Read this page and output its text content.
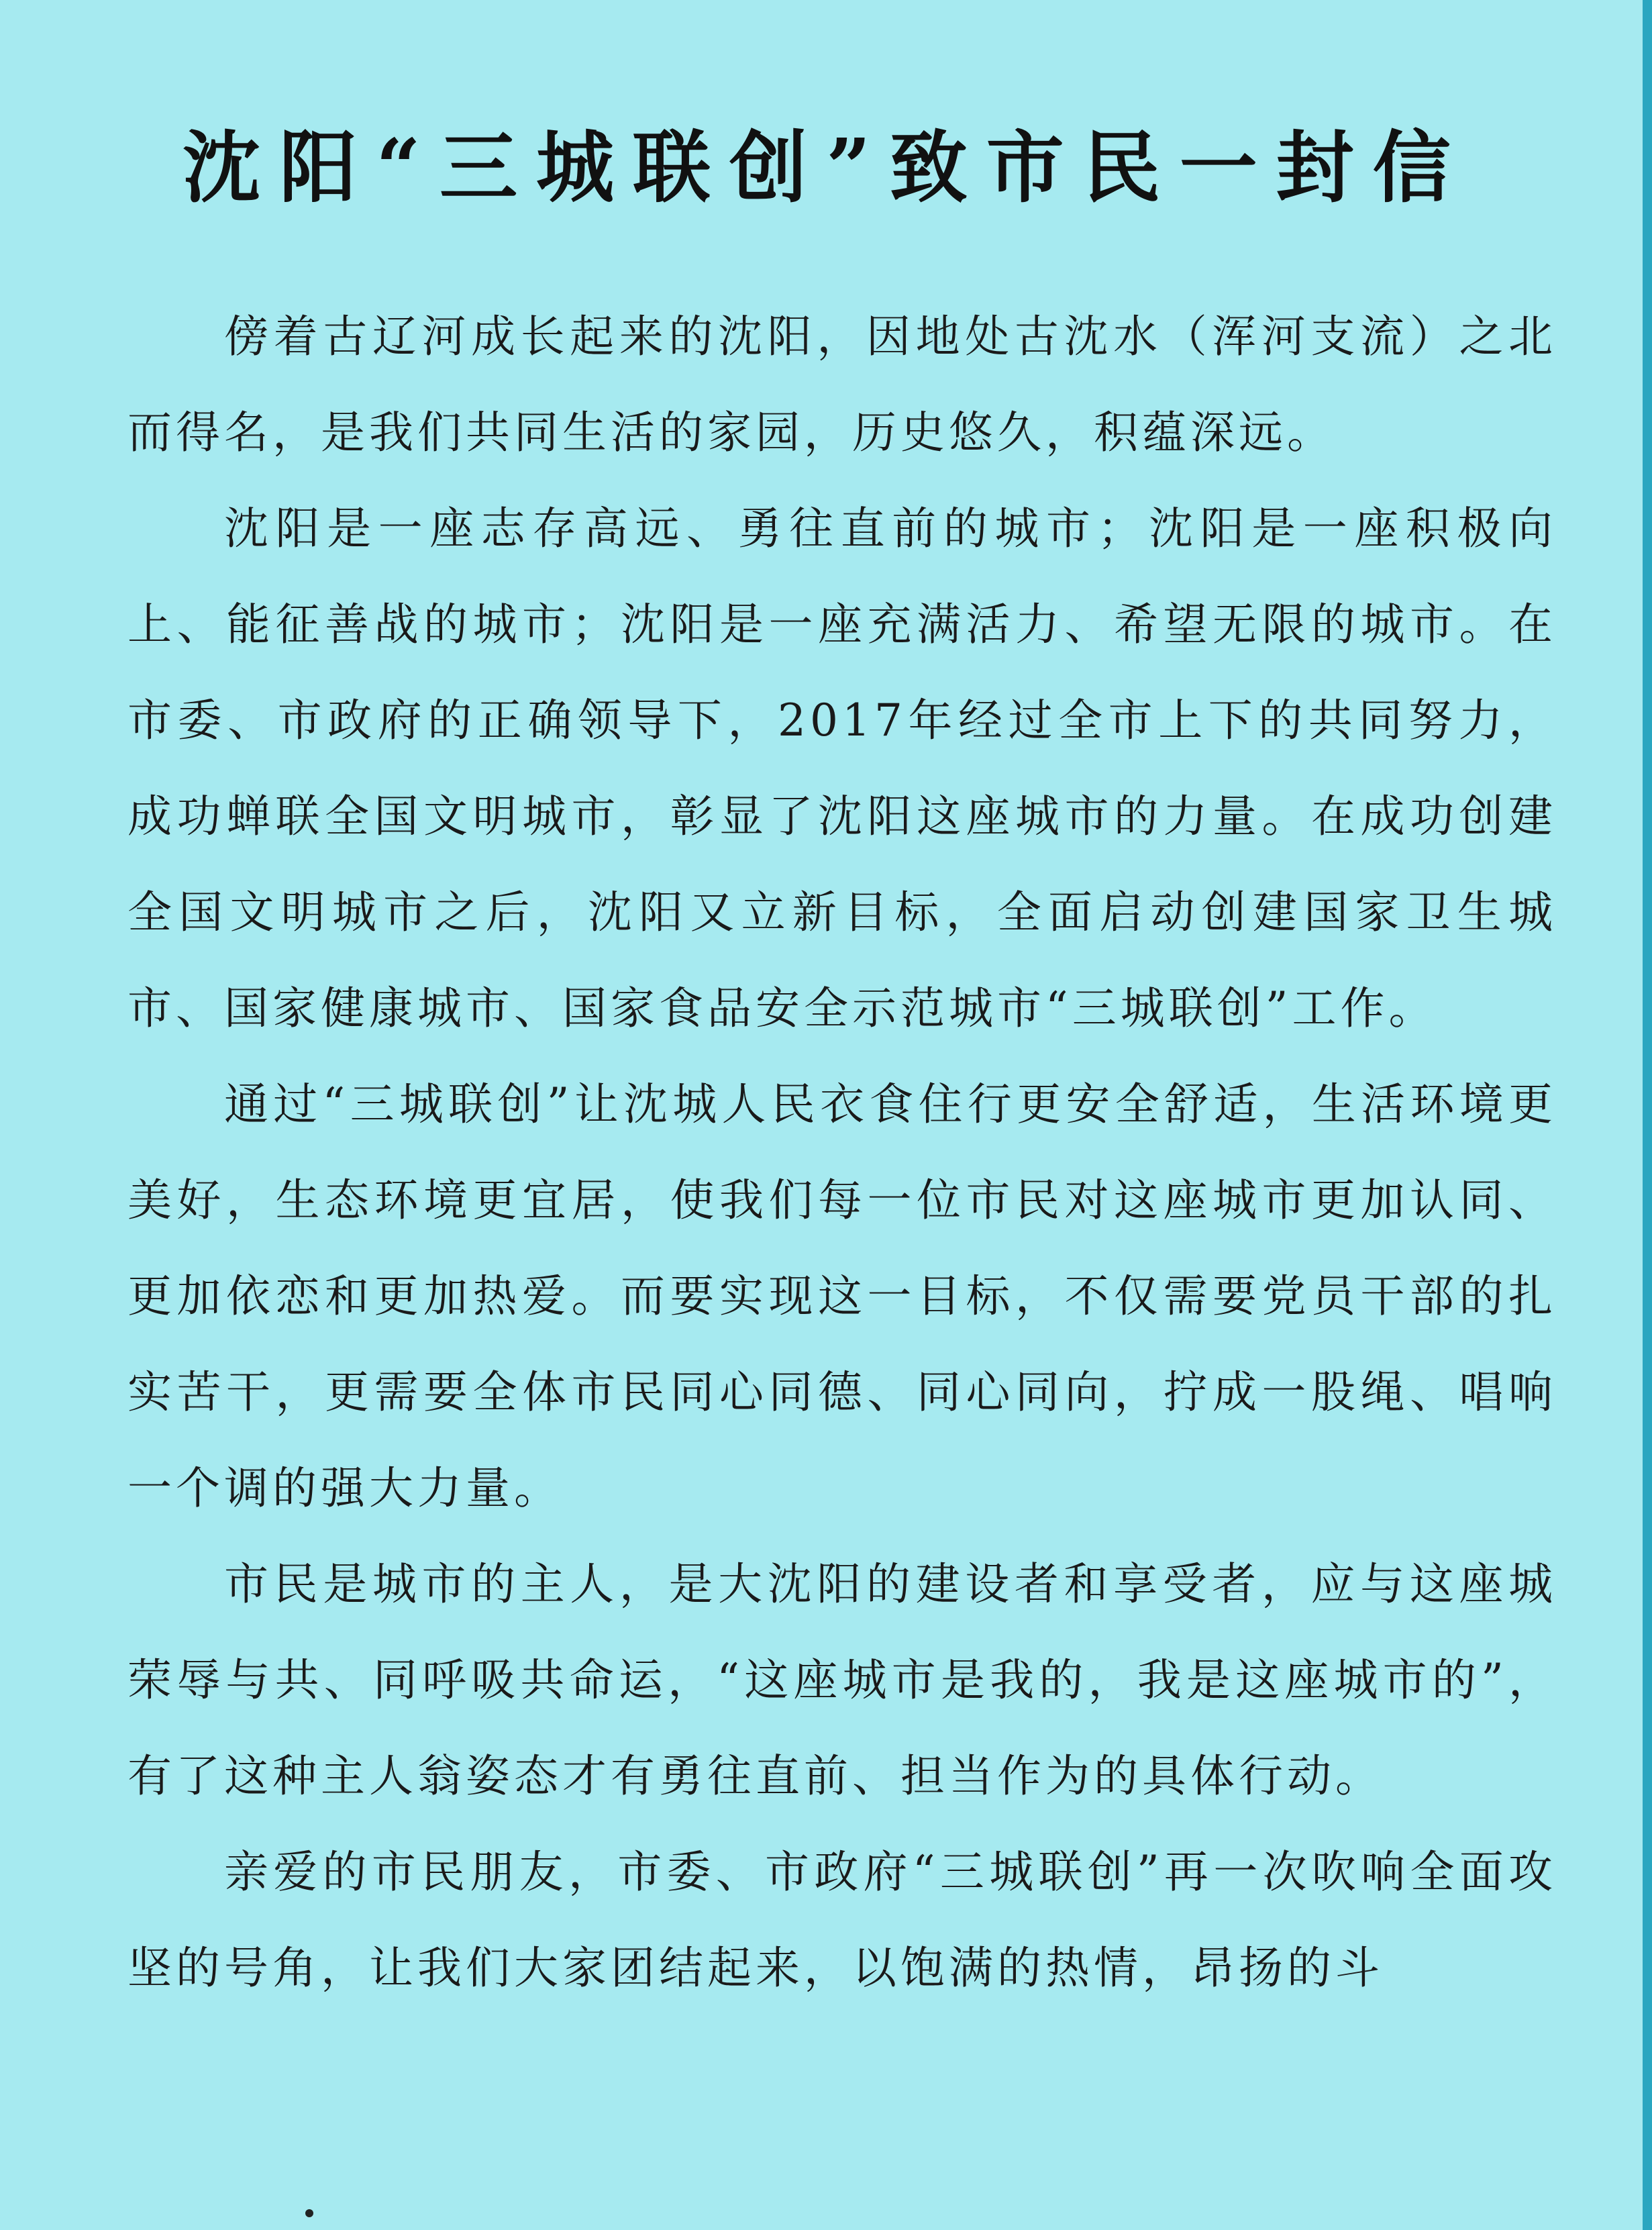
沈阳“三城联创”致市民一封信

傍着古辽河成长起来的沈阳，因地处古沈水（浑河支流）之北而得名，是我们共同生活的家园，历史悠久，积蕴深远。

沈阳是一座志存高远、勇往直前的城市；沈阳是一座积极向上、能征善战的城市；沈阳是一座充满活力、希望无限的城市。在市委、市政府的正确领导下，2017年经过全市上下的共同努力，成功蝉联全国文明城市，彰显了沈阳这座城市的力量。在成功创建全国文明城市之后，沈阳又立新目标，全面启动创建国家卫生城市、国家健康城市、国家食品安全示范城市“三城联创”工作。

通过“三城联创”让沈城人民衣食住行更安全舒适，生活环境更美好，生态环境更宜居，使我们每一位市民对这座城市更加认同、更加依恋和更加热爱。而要实现这一目标，不仅需要党员干部的扎实苦干，更需要全体市民同心同德、同心同向，拧成一股绳、唱响一个调的强大力量。

市民是城市的主人，是大沈阳的建设者和享受者，应与这座城荣辱与共、同呼吸共命运，“这座城市是我的，我是这座城市的”，有了这种主人翁姿态才有勇往直前、担当作为的具体行动。

亲爱的市民朋友，市委、市政府“三城联创”再一次吹响全面攻坚的号角，让我们大家团结起来，以饱满的热情，昂扬的斗
